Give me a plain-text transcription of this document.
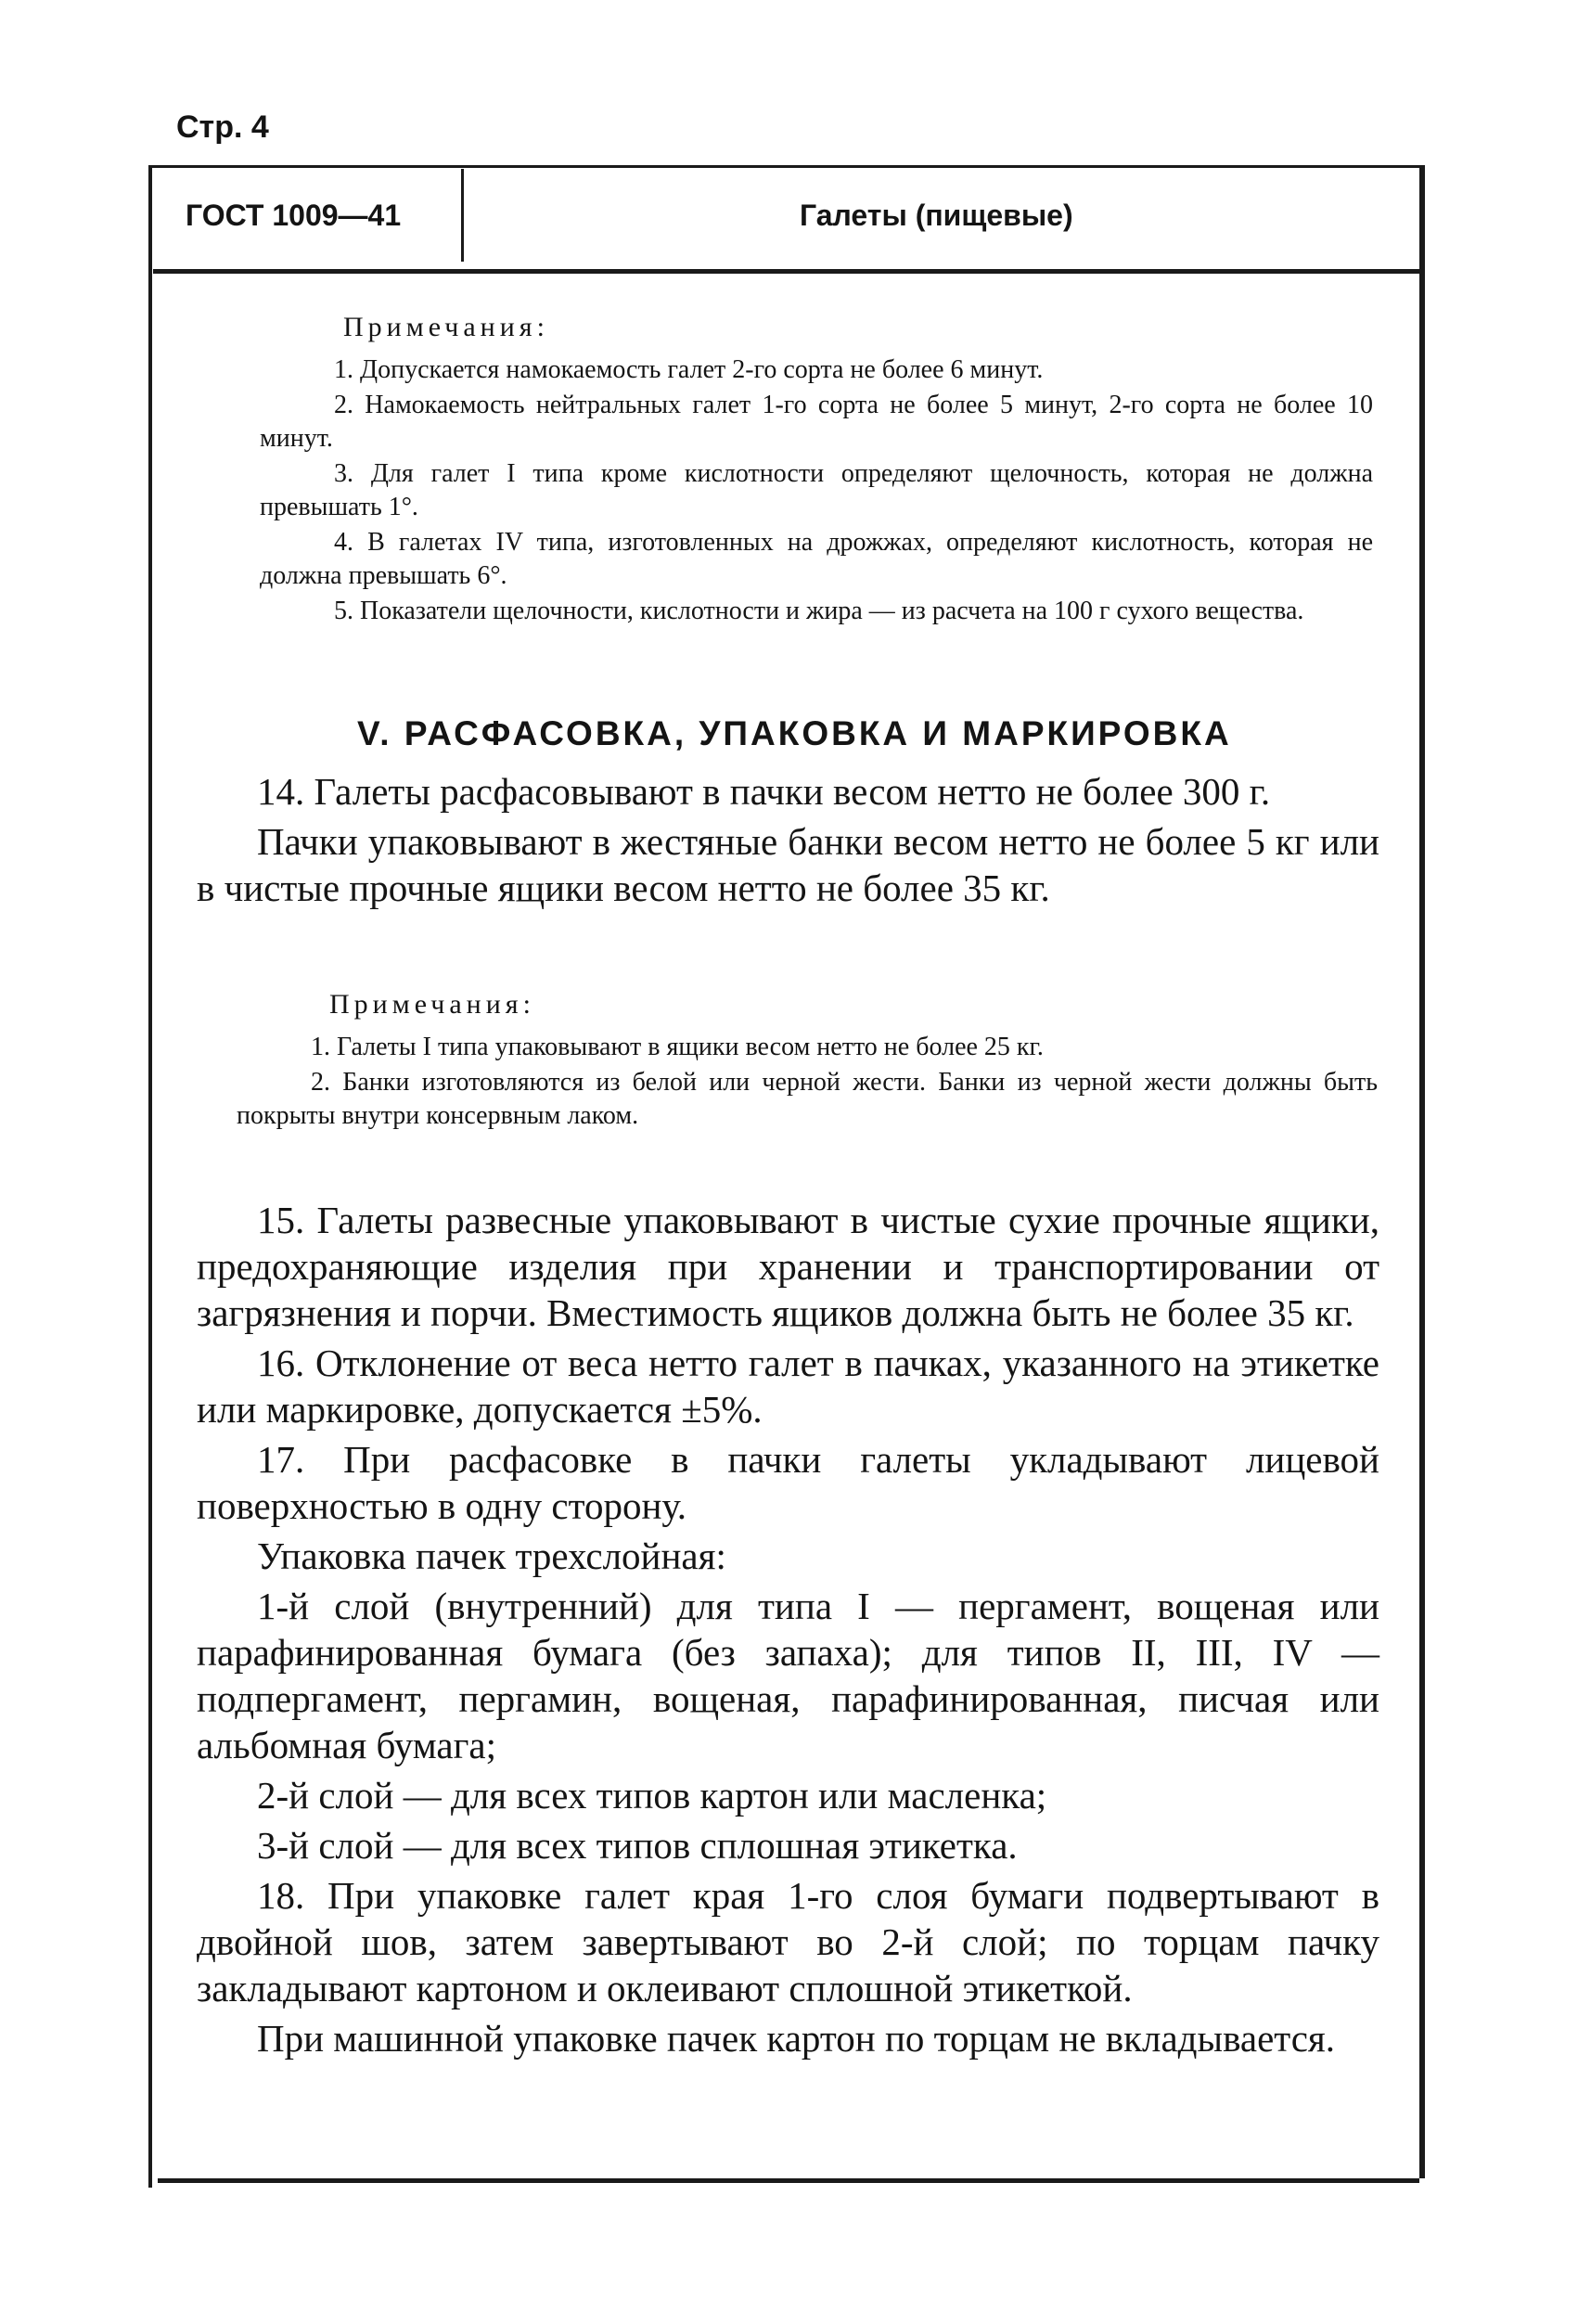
Стр. 4
ГОСТ 1009—41	Галеты (пищевые)
Примечания:

1. Допускается намокаемость галет 2-го сорта не более 6 минут.

2. Намокаемость нейтральных галет 1-го сорта не более 5 минут, 2-го сорта не более 10 минут.

3. Для галет I типа кроме кислотности определяют щелочность, которая не должна превышать 1°.

4. В галетах IV типа, изготовленных на дрожжах, определяют кислотность, которая не должна превышать 6°.

5. Показатели щелочности, кислотности и жира — из расчета на 100 г сухого вещества.

V. РАСФАСОВКА, УПАКОВКА И МАРКИРОВКА

14. Галеты расфасовывают в пачки весом нетто не более 300 г.

Пачки упаковывают в жестяные банки весом нетто не более 5 кг или в чистые прочные ящики весом нетто не более 35 кг.

Примечания:

1. Галеты I типа упаковывают в ящики весом нетто не более 25 кг.

2. Банки изготовляются из белой или черной жести. Банки из черной жести должны быть покрыты внутри консервным лаком.

15. Галеты развесные упаковывают в чистые сухие прочные ящики, предохраняющие изделия при хранении и транспортировании от загрязнения и порчи. Вместимость ящиков должна быть не более 35 кг.

16. Отклонение от веса нетто галет в пачках, указанного на этикетке или маркировке, допускается ±5%.

17. При расфасовке в пачки галеты укладывают лицевой поверхностью в одну сторону.

Упаковка пачек трехслойная:

1-й слой (внутренний) для типа I — пергамент, вощеная или парафинированная бумага (без запаха); для типов II, III, IV — подпергамент, пергамин, вощеная, парафинированная, писчая или альбомная бумага;

2-й слой — для всех типов картон или масленка;

3-й слой — для всех типов сплошная этикетка.

18. При упаковке галет края 1-го слоя бумаги подвертывают в двойной шов, затем завертывают во 2-й слой; по торцам пачку закладывают картоном и оклеивают сплошной этикеткой.

При машинной упаковке пачек картон по торцам не вкладывается.
